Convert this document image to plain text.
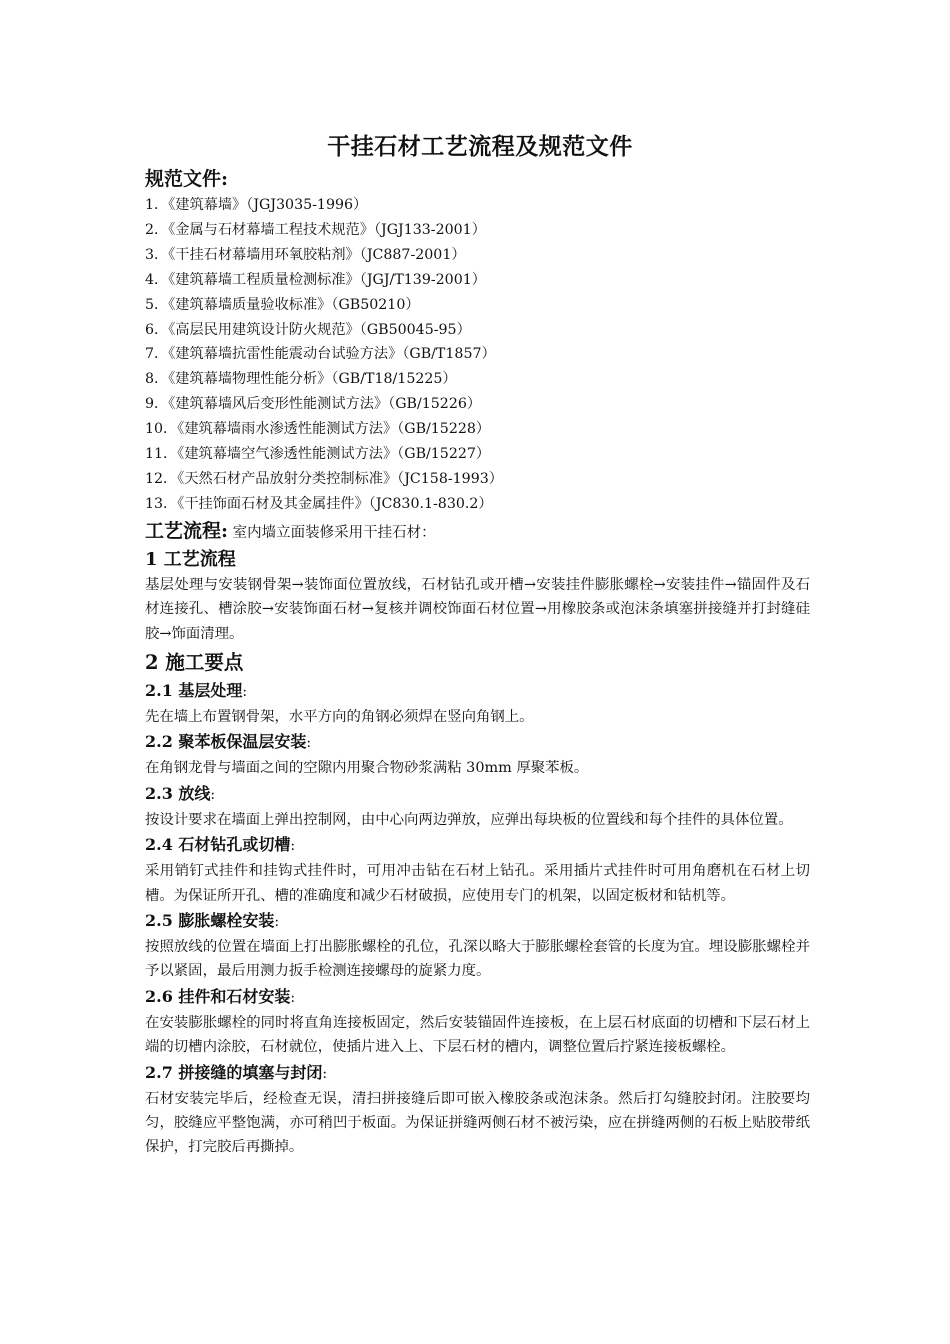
干挂石材工艺流程及规范文件
规范文件:
1．《建筑幕墙》（JGJ3035-1996）
2．《金属与石材幕墙工程技术规范》（JGJ133-2001）
3．《干挂石材幕墙用环氧胶粘剂》（JC887-2001）
4．《建筑幕墙工程质量检测标准》（JGJ/T139-2001）
5．《建筑幕墙质量验收标准》（GB50210）
6．《高层民用建筑设计防火规范》（GB50045-95）
7．《建筑幕墙抗雷性能震动台试验方法》（GB/T1857）
8．《建筑幕墙物理性能分析》（GB/T18/15225）
9．《建筑幕墙风后变形性能测试方法》（GB/15226）
10．《建筑幕墙雨水渗透性能测试方法》（GB/15228）
11．《建筑幕墙空气渗透性能测试方法》（GB/15227）
12．《天然石材产品放射分类控制标准》（JC158-1993）
13．《干挂饰面石材及其金属挂件》（JC830.1-830.2）
工艺流程: 室内墙立面装修采用干挂石材：
1 工艺流程

基层处理与安装钢骨架→装饰面位置放线，石材钻孔或开槽→安装挂件膨胀螺栓→安装挂件→锚固件及石材连接孔、槽涂胶→安装饰面石材→复核并调校饰面石材位置→用橡胶条或泡沫条填塞拼接缝并打封缝硅胶→饰面清理。

2 施工要点
2.1 基层处理:

先在墙上布置钢骨架，水平方向的角钢必须焊在竖向角钢上。

2.2 聚苯板保温层安装:

在角钢龙骨与墙面之间的空隙内用聚合物砂浆满粘 30mm 厚聚苯板。

2.3 放线:

按设计要求在墙面上弹出控制网，由中心向两边弹放，应弹出每块板的位置线和每个挂件的具体位置。

2.4 石材钻孔或切槽:

采用销钉式挂件和挂钩式挂件时，可用冲击钻在石材上钻孔。采用插片式挂件时可用角磨机在石材上切槽。为保证所开孔、槽的准确度和减少石材破损，应使用专门的机架，以固定板材和钻机等。

2.5 膨胀螺栓安装:

按照放线的位置在墙面上打出膨胀螺栓的孔位，孔深以略大于膨胀螺栓套管的长度为宜。埋设膨胀螺栓并予以紧固，最后用测力扳手检测连接螺母的旋紧力度。

2.6 挂件和石材安装:

在安装膨胀螺栓的同时将直角连接板固定，然后安装锚固件连接板，在上层石材底面的切槽和下层石材上端的切槽内涂胶，石材就位，使插片进入上、下层石材的槽内，调整位置后拧紧连接板螺栓。

2.7 拼接缝的填塞与封闭:

石材安装完毕后，经检查无误，清扫拼接缝后即可嵌入橡胶条或泡沫条。然后打勾缝胶封闭。注胶要均匀，胶缝应平整饱满，亦可稍凹于板面。为保证拼缝两侧石材不被污染，应在拼缝两侧的石板上贴胶带纸保护，打完胶后再撕掉。
